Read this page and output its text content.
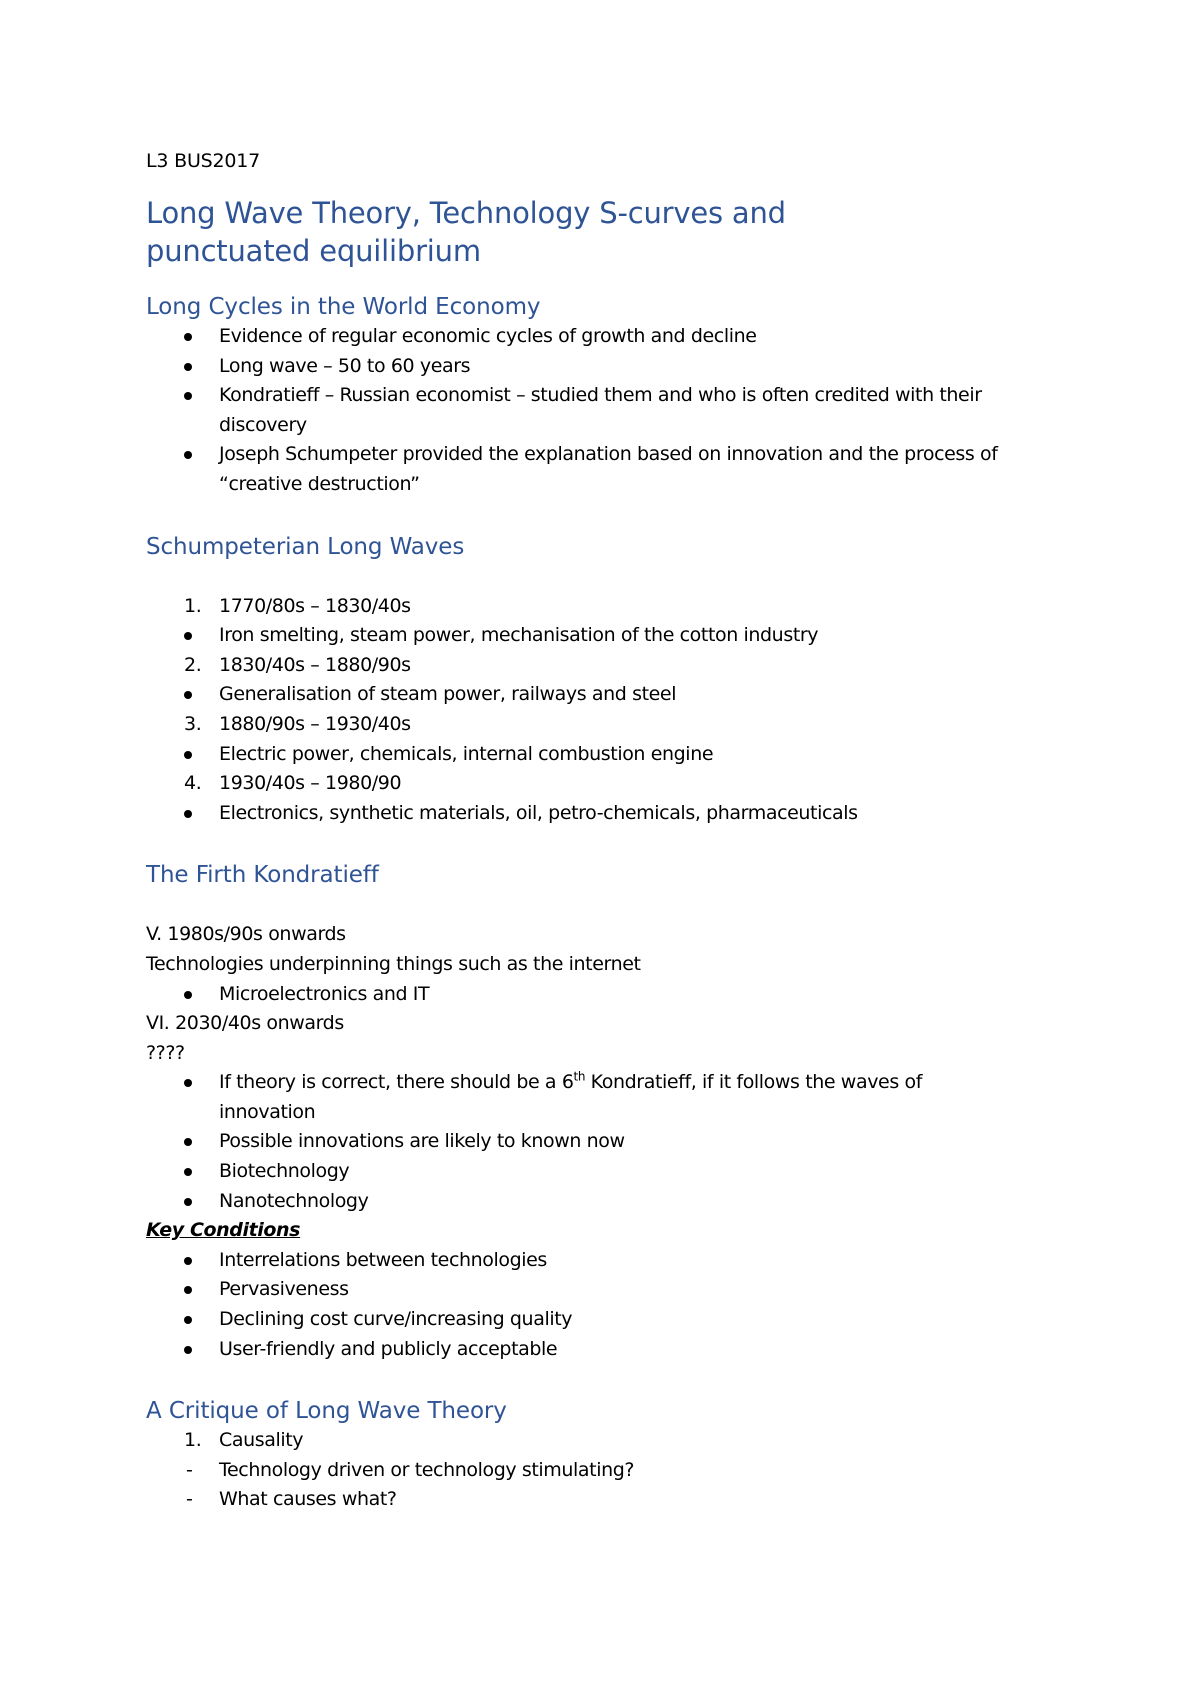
L3 BUS2017

Long Wave Theory, Technology S-curves and
punctuated equilibrium
Long Cycles in the World Economy

Evidence of regular economic cycles of growth and decline

Long wave – 50 to 60 years

Kondratieff – Russian economist – studied them and who is often credited with their

discovery

Joseph Schumpeter provided the explanation based on innovation and the process of

“creative destruction”

Schumpeterian Long Waves

1. 1770/80s – 1830/40s

Iron smelting, steam power, mechanisation of the cotton industry

2. 1830/40s – 1880/90s

Generalisation of steam power, railways and steel

3. 1880/90s – 1930/40s

Electric power, chemicals, internal combustion engine

4. 1930/40s – 1980/90

Electronics, synthetic materials, oil, petro-chemicals, pharmaceuticals

The Firth Kondratieff

V. 1980s/90s onwards

Technologies underpinning things such as the internet

Microelectronics and IT

VI. 2030/40s onwards

????

If theory is correct, there should be a 6th Kondratieff, if it follows the waves of

innovation

Possible innovations are likely to known now

Biotechnology

Nanotechnology

Key Conditions

Interrelations between technologies

Pervasiveness

Declining cost curve/increasing quality

User-friendly and publicly acceptable

A Critique of Long Wave Theory

1. Causality

- Technology driven or technology stimulating?

- What causes what?
